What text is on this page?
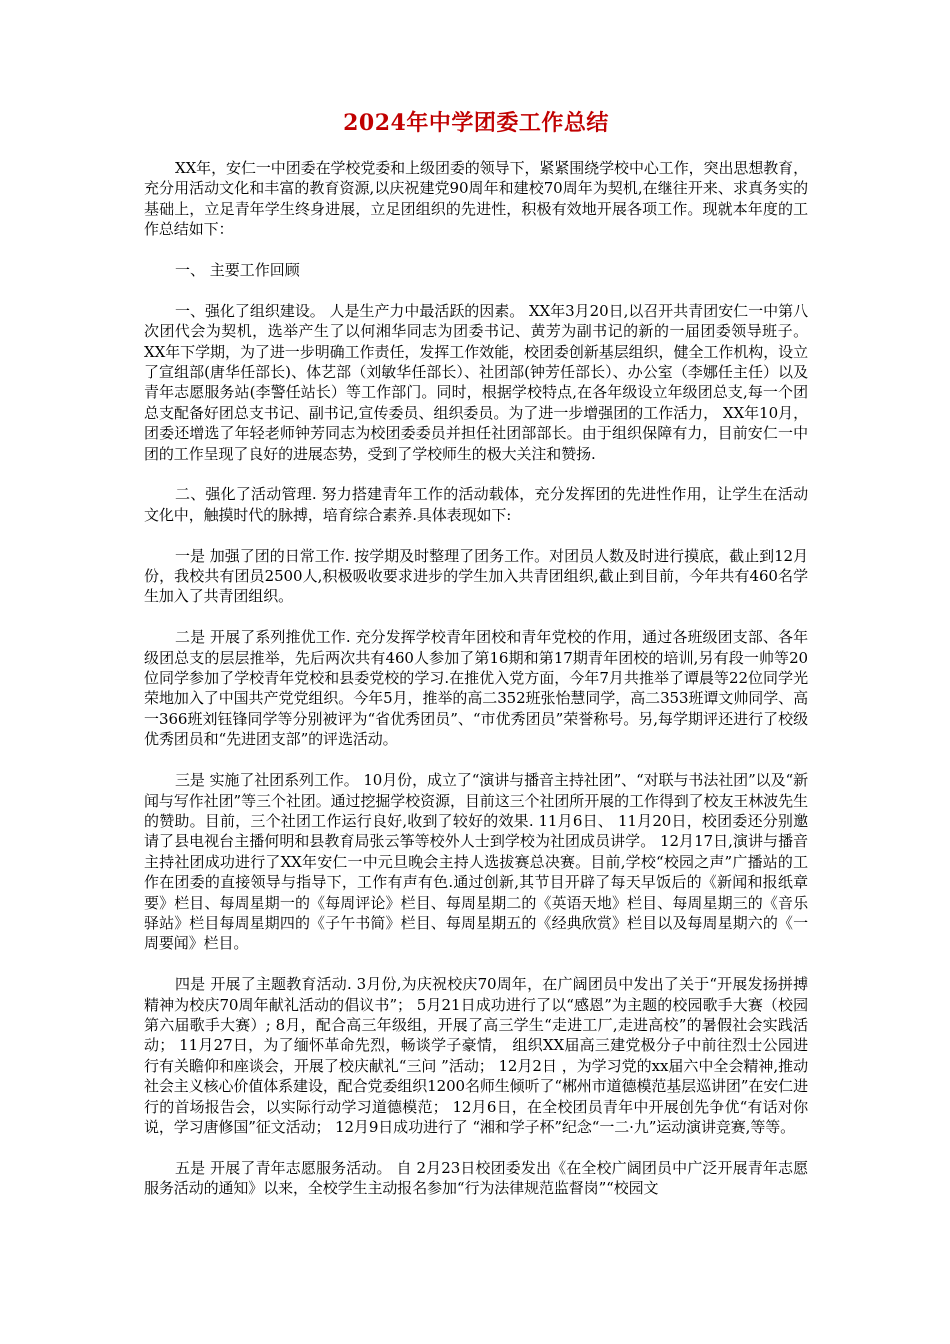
2024年中学团委工作总结

XX年，安仁一中团委在学校党委和上级团委的领导下，紧紧围绕学校中心工作，突出思想教育，充分用活动文化和丰富的教育资源,以庆祝建党90周年和建校70周年为契机,在继往开来、求真务实的基础上，立足青年学生终身进展，立足团组织的先进性，积极有效地开展各项工作。现就本年度的工作总结如下：

一、 主要工作回顾

一、强化了组织建设。 人是生产力中最活跃的因素。 XX年3月20日,以召开共青团安仁一中第八次团代会为契机，选举产生了以何湘华同志为团委书记、黄芳为副书记的新的一届团委领导班子。 XX年下学期，为了进一步明确工作责任，发挥工作效能，校团委创新基层组织，健全工作机构，设立了宣组部(唐华任部长)、体艺部（刘敏华任部长）、社团部(钟芳任部长）、办公室（李娜任主任）以及青年志愿服务站(李警任站长）等工作部门。同时，根据学校特点,在各年级设立年级团总支,每一个团总支配备好团总支书记、副书记,宣传委员、组织委员。为了进一步增强团的工作活力， XX年10月，团委还增选了年轻老师钟芳同志为校团委委员并担任社团部部长。由于组织保障有力，目前安仁一中团的工作呈现了良好的进展态势，受到了学校师生的极大关注和赞扬.

二、强化了活动管理. 努力搭建青年工作的活动载体，充分发挥团的先进性作用，让学生在活动文化中，触摸时代的脉搏，培育综合素养.具体表现如下:

一是 加强了团的日常工作. 按学期及时整理了团务工作。对团员人数及时进行摸底，截止到12月份，我校共有团员2500人,积极吸收要求进步的学生加入共青团组织,截止到目前，今年共有460名学生加入了共青团组织。

二是 开展了系列推优工作. 充分发挥学校青年团校和青年党校的作用，通过各班级团支部、各年级团总支的层层推举，先后两次共有460人参加了第16期和第17期青年团校的培训,另有段一帅等20位同学参加了学校青年党校和县委党校的学习.在推优入党方面，今年7月共推举了谭晨等22位同学光荣地加入了中国共产党党组织。今年5月，推举的高二352班张怡慧同学，高二353班谭文帅同学、高一366班刘钰锋同学等分别被评为“省优秀团员”、“市优秀团员”荣誉称号。另,每学期评还进行了校级优秀团员和“先进团支部”的评选活动。

三是 实施了社团系列工作。 10月份，成立了“演讲与播音主持社团”、“对联与书法社团”以及“新闻与写作社团”等三个社团。通过挖掘学校资源，目前这三个社团所开展的工作得到了校友王林波先生的赞助。目前，三个社团工作运行良好,收到了较好的效果. 11月6日、 11月20日，校团委还分别邀请了县电视台主播何明和县教育局张云筝等校外人士到学校为社团成员讲学。 12月17日,演讲与播音主持社团成功进行了XX年安仁一中元旦晚会主持人选拔赛总决赛。目前,学校“校园之声”广播站的工作在团委的直接领导与指导下，工作有声有色.通过创新,其节目开辟了每天早饭后的《新闻和报纸章要》栏目、每周星期一的《每周评论》栏目、每周星期二的《英语天地》栏目、每周星期三的《音乐驿站》栏目每周星期四的《子午书简》栏目、每周星期五的《经典欣赏》栏目以及每周星期六的《一周要闻》栏目。

四是 开展了主题教育活动. 3月份,为庆祝校庆70周年，在广阔团员中发出了关于“开展发扬拼搏精神为校庆70周年献礼活动的倡议书”； 5月21日成功进行了以“感恩”为主题的校园歌手大赛（校园第六届歌手大赛）; 8月，配合高三年级组，开展了高三学生“走进工厂,走进高校”的暑假社会实践活动； 11月27日，为了缅怀革命先烈，畅谈学子豪情， 组织XX届高三建党极分子中前往烈士公园进行有关瞻仰和座谈会，开展了校庆献礼“三问 ”活动； 12月2日 ，为学习党的xx届六中全会精神,推动社会主义核心价值体系建设，配合党委组织1200名师生倾听了“郴州市道德模范基层巡讲团”在安仁进行的首场报告会，以实际行动学习道德模范； 12月6日，在全校团员青年中开展创先争优“有话对你说，学习唐修国”征文活动； 12月9日成功进行了 “湘和学子杯”纪念“一二·九”运动演讲竞赛,等等。

五是 开展了青年志愿服务活动。 自 2月23日校团委发出《在全校广阔团员中广泛开展青年志愿服务活动的通知》以来，全校学生主动报名参加“行为法律规范监督岗”“校园文
